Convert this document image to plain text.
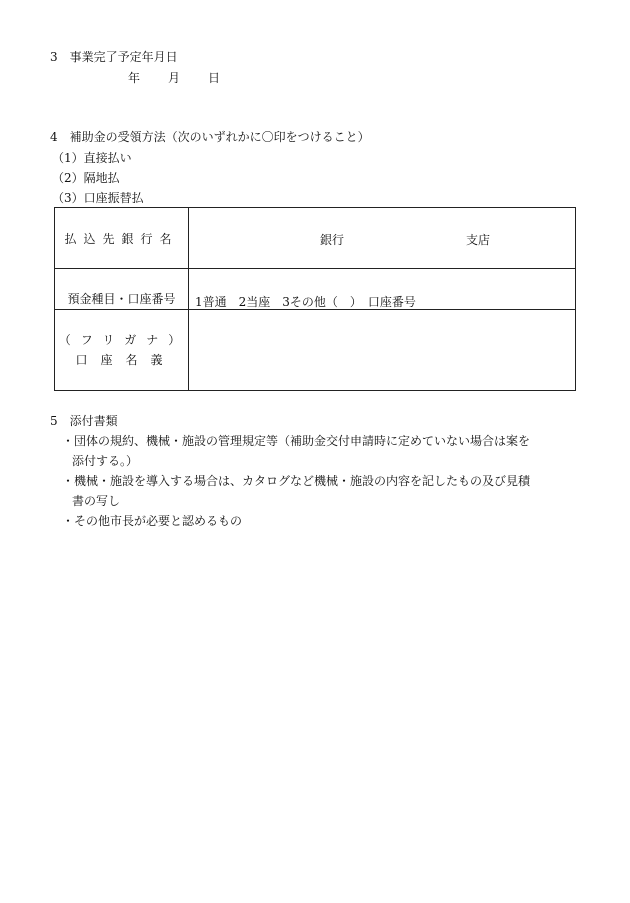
3　事業完了予定年月日
年 月 日
4　補助金の受領方法（次のいずれかに〇印をつけること）
（1）直接払い
（2）隔地払
（3）口座振替払
払込先銀行名	銀行 支店

預金種目・口座番号	1普通　2当座　3その他（　）　口座番号

（フリガナ）
口座名義	

5　添付書類
・団体の規約、機械・施設の管理規定等（補助金交付申請時に定めていない場合は案を
添付する。）
・機械・施設を導入する場合は、カタログなど機械・施設の内容を記したもの及び見積
書の写し
・その他市長が必要と認めるもの
